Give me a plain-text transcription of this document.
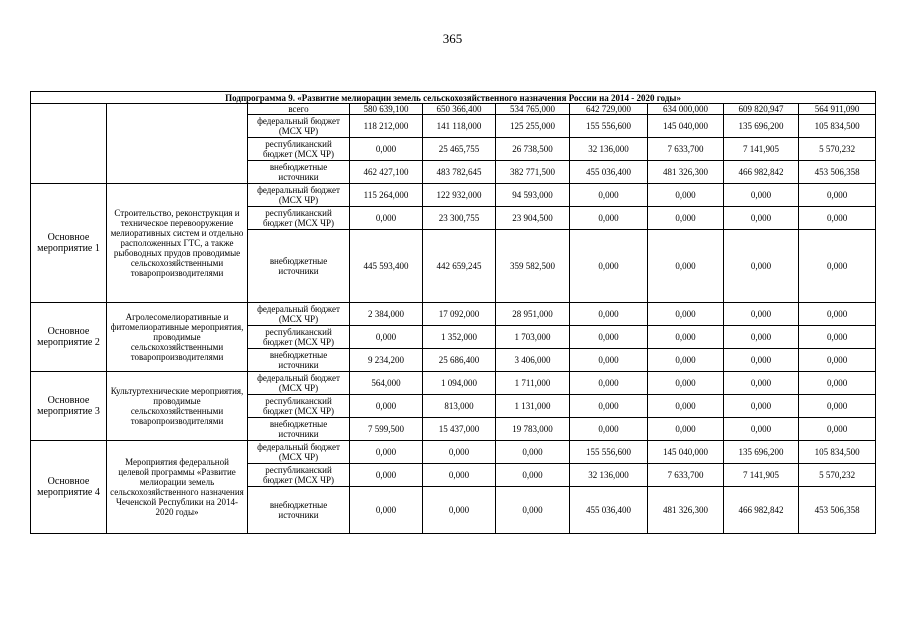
365
Подпрограмма 9. «Развитие мелиорации земель сельскохозяйственного назначения России на 2014 - 2020 годы»									
		всего	580 639,100	650 366,400	534 765,000	642 729,000	634 000,000	609 820,947	564 911,090
		федеральный бюджет (МСХ ЧР)	118 212,000	141 118,000	125 255,000	155 556,600	145 040,000	135 696,200	105 834,500
		республиканский бюджет (МСХ ЧР)	0,000	25 465,755	26 738,500	32 136,000	7 633,700	7 141,905	5 570,232
		внебюджетные источники	462 427,100	483 782,645	382 771,500	455 036,400	481 326,300	466 982,842	453 506,358
Основное мероприятие 1	Строительство, реконструкция и техническое перевооружение мелиоративных систем и отдельно расположенных ГТС, а также рыбоводных прудов проводимые сельскохозяйственными товаропроизводителями	федеральный бюджет (МСХ ЧР)	115 264,000	122 932,000	94 593,000	0,000	0,000	0,000	0,000
		республиканский бюджет (МСХ ЧР)	0,000	23 300,755	23 904,500	0,000	0,000	0,000	0,000
		внебюджетные источники	445 593,400	442 659,245	359 582,500	0,000	0,000	0,000	0,000
Основное мероприятие 2	Агролесомелиоративные и фитомелиоративные мероприятия, проводимые сельскохозяйственными товаропроизводителями	федеральный бюджет (МСХ ЧР)	2 384,000	17 092,000	28 951,000	0,000	0,000	0,000	0,000
		республиканский бюджет (МСХ ЧР)	0,000	1 352,000	1 703,000	0,000	0,000	0,000	0,000
		внебюджетные источники	9 234,200	25 686,400	3 406,000	0,000	0,000	0,000	0,000
Основное мероприятие 3	Культуртехнические мероприятия, проводимые сельскохозяйственными товаропроизводителями	федеральный бюджет (МСХ ЧР)	564,000	1 094,000	1 711,000	0,000	0,000	0,000	0,000
		республиканский бюджет (МСХ ЧР)	0,000	813,000	1 131,000	0,000	0,000	0,000	0,000
		внебюджетные источники	7 599,500	15 437,000	19 783,000	0,000	0,000	0,000	0,000
Основное мероприятие 4	Мероприятия федеральной целевой программы «Развитие мелиорации земель сельскохозяйственного назначения Чеченской Республики на 2014-2020 годы»	федеральный бюджет (МСХ ЧР)	0,000	0,000	0,000	155 556,600	145 040,000	135 696,200	105 834,500
		республиканский бюджет (МСХ ЧР)	0,000	0,000	0,000	32 136,000	7 633,700	7 141,905	5 570,232
		внебюджетные источники	0,000	0,000	0,000	455 036,400	481 326,300	466 982,842	453 506,358
